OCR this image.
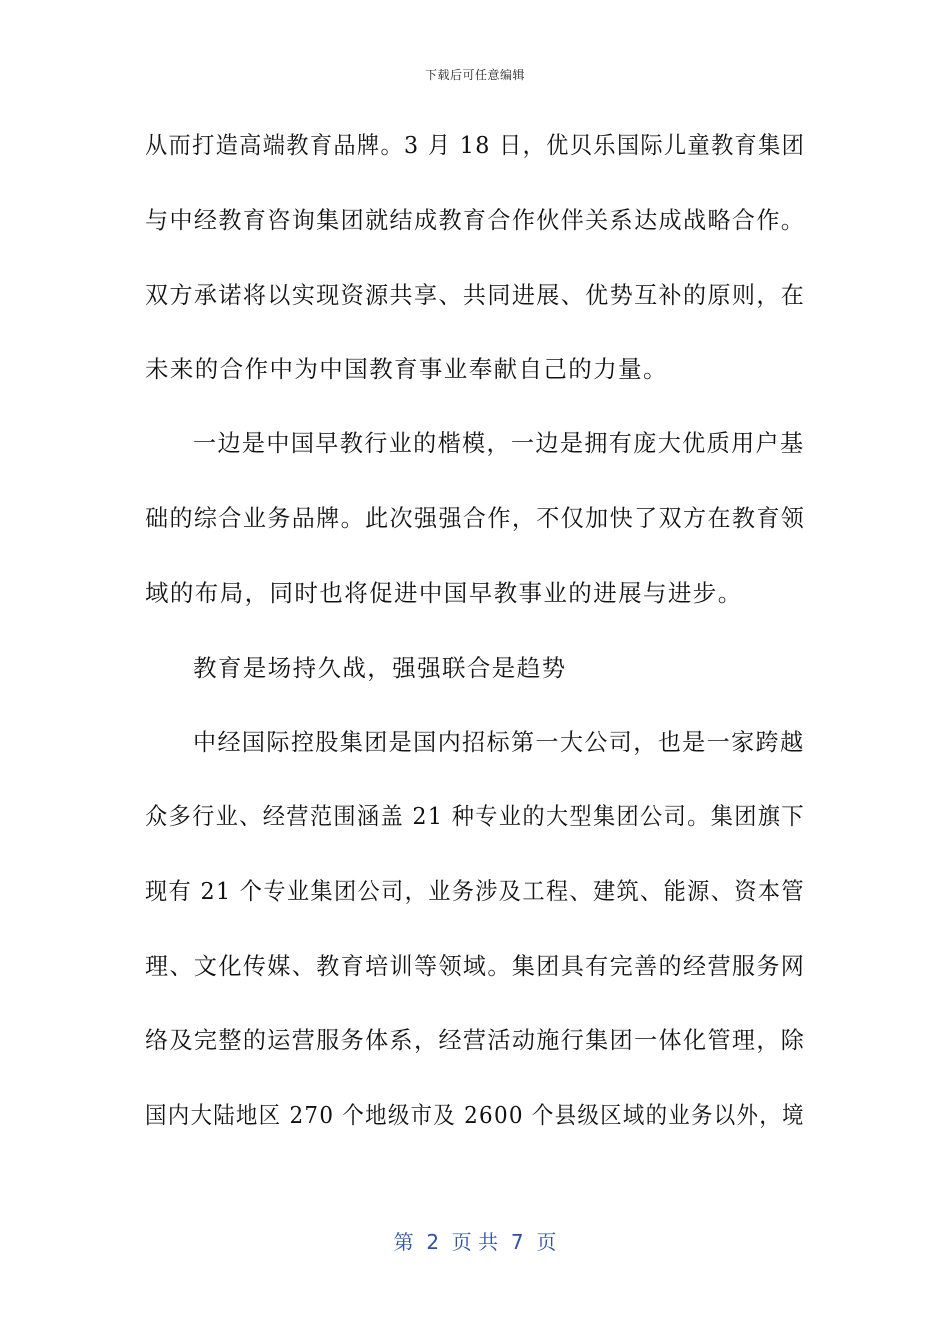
下载后可任意编辑
从而打造高端教育品牌。3 月 18 日，优贝乐国际儿童教育集团
与中经教育咨询集团就结成教育合作伙伴关系达成战略合作。
双方承诺将以实现资源共享、共同进展、优势互补的原则，在
未来的合作中为中国教育事业奉献自己的力量。
一边是中国早教行业的楷模，一边是拥有庞大优质用户基
础的综合业务品牌。此次强强合作，不仅加快了双方在教育领
域的布局，同时也将促进中国早教事业的进展与进步。
教育是场持久战，强强联合是趋势
中经国际控股集团是国内招标第一大公司，也是一家跨越
众多行业、经营范围涵盖 21 种专业的大型集团公司。集团旗下
现有 21 个专业集团公司，业务涉及工程、建筑、能源、资本管
理、文化传媒、教育培训等领域。集团具有完善的经营服务网
络及完整的运营服务体系，经营活动施行集团一体化管理，除
国内大陆地区 270 个地级市及 2600 个县级区域的业务以外，境
第  2  页 共  7  页
